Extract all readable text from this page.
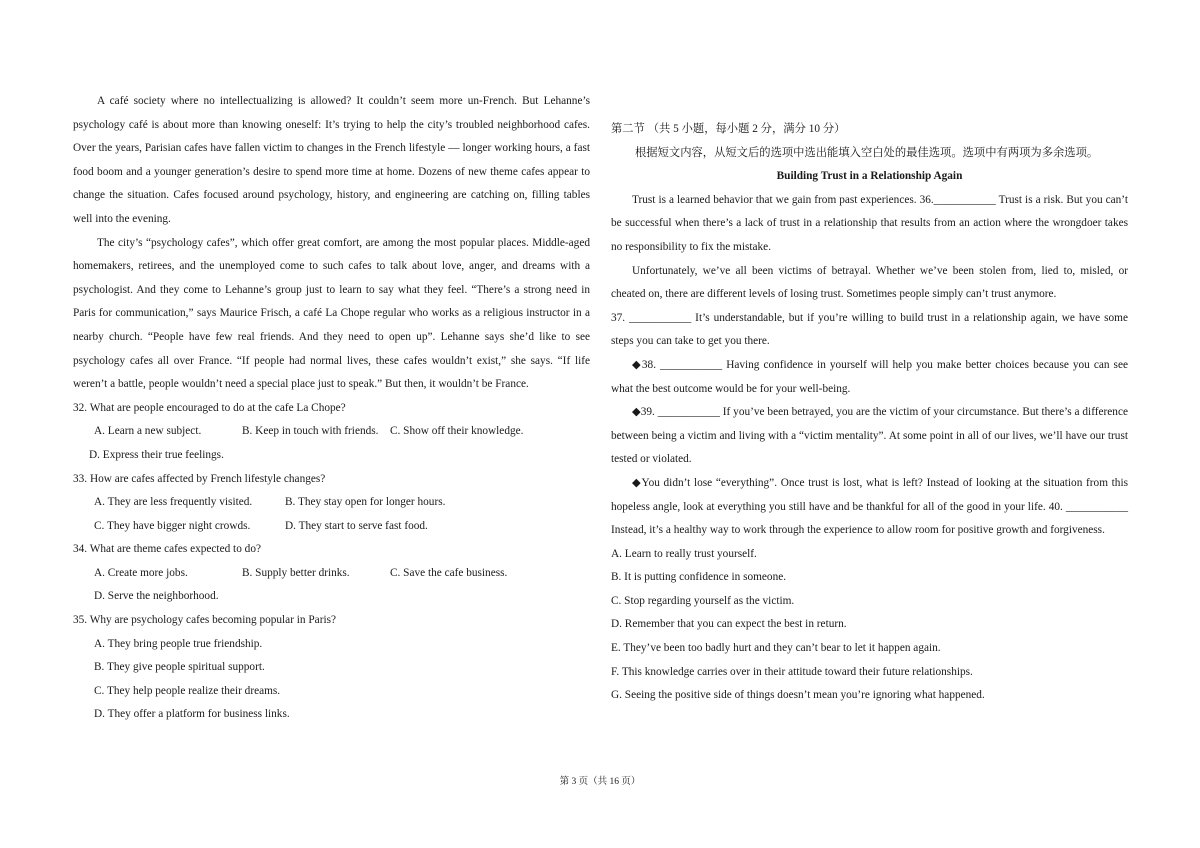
A café society where no intellectualizing is allowed? It couldn’t seem more un-French. But Lehanne’s psychology café is about more than knowing oneself: It’s trying to help the city’s troubled neighborhood cafes. Over the years, Parisian cafes have fallen victim to changes in the French lifestyle — longer working hours, a fast food boom and a younger generation’s desire to spend more time at home. Dozens of new theme cafes appear to change the situation. Cafes focused around psychology, history, and engineering are catching on, filling tables well into the evening.

The city’s “psychology cafes”, which offer great comfort, are among the most popular places. Middle-aged homemakers, retirees, and the unemployed come to such cafes to talk about love, anger, and dreams with a psychologist. And they come to Lehanne’s group just to learn to say what they feel. “There’s a strong need in Paris for communication,” says Maurice Frisch, a café La Chope regular who works as a religious instructor in a nearby church. “People have few real friends. And they need to open up”. Lehanne says she’d like to see psychology cafes all over France. “If people had normal lives, these cafes wouldn’t exist,” she says. “If life weren’t a battle, people wouldn’t need a special place just to speak.” But then, it wouldn’t be France.

32. What are people encouraged to do at the cafe La Chope?

A. Learn a new subject.	B. Keep in touch with friends.	C. Show off their knowledge.
D. Express their true feelings.

33. How are cafes affected by French lifestyle changes?

A. They are less frequently visited.	B. They stay open for longer hours.
C. They have bigger night crowds.	D. They start to serve fast food.

34. What are theme cafes expected to do?

A. Create more jobs.	B. Supply better drinks.	C. Save the cafe business.
D. Serve the neighborhood.

35. Why are psychology cafes becoming popular in Paris?

A. They bring people true friendship.
B. They give people spiritual support.
C. They help people realize their dreams.
D. They offer a platform for business links.

第二节 （共 5 小题，每小题 2 分，满分 10 分）

根据短文内容，从短文后的选项中选出能填入空白处的最佳选项。选项中有两项为多余选项。

Building Trust in a Relationship Again

Trust is a learned behavior that we gain from past experiences. 36.___________ Trust is a risk. But you can’t be successful when there’s a lack of trust in a relationship that results from an action where the wrongdoer takes no responsibility to fix the mistake.

Unfortunately, we’ve all been victims of betrayal. Whether we’ve been stolen from, lied to, misled, or cheated on, there are different levels of losing trust. Sometimes people simply can’t trust anymore.

37. ___________ It’s understandable, but if you’re willing to build trust in a relationship again, we have some steps you can take to get you there.

◆38. ___________ Having confidence in yourself will help you make better choices because you can see what the best outcome would be for your well-being.

◆39. ___________ If you’ve been betrayed, you are the victim of your circumstance. But there’s a difference between being a victim and living with a “victim mentality”. At some point in all of our lives, we’ll have our trust tested or violated.

◆You didn’t lose “everything”. Once trust is lost, what is left? Instead of looking at the situation from this hopeless angle, look at everything you still have and be thankful for all of the good in your life. 40. ___________ Instead, it’s a healthy way to work through the experience to allow room for positive growth and forgiveness.

A. Learn to really trust yourself.

B. It is putting confidence in someone.

C. Stop regarding yourself as the victim.

D. Remember that you can expect the best in return.

E. They’ve been too badly hurt and they can’t bear to let it happen again.

F. This knowledge carries over in their attitude toward their future relationships.

G. Seeing the positive side of things doesn’t mean you’re ignoring what happened.

第 3 页（共 16 页）
